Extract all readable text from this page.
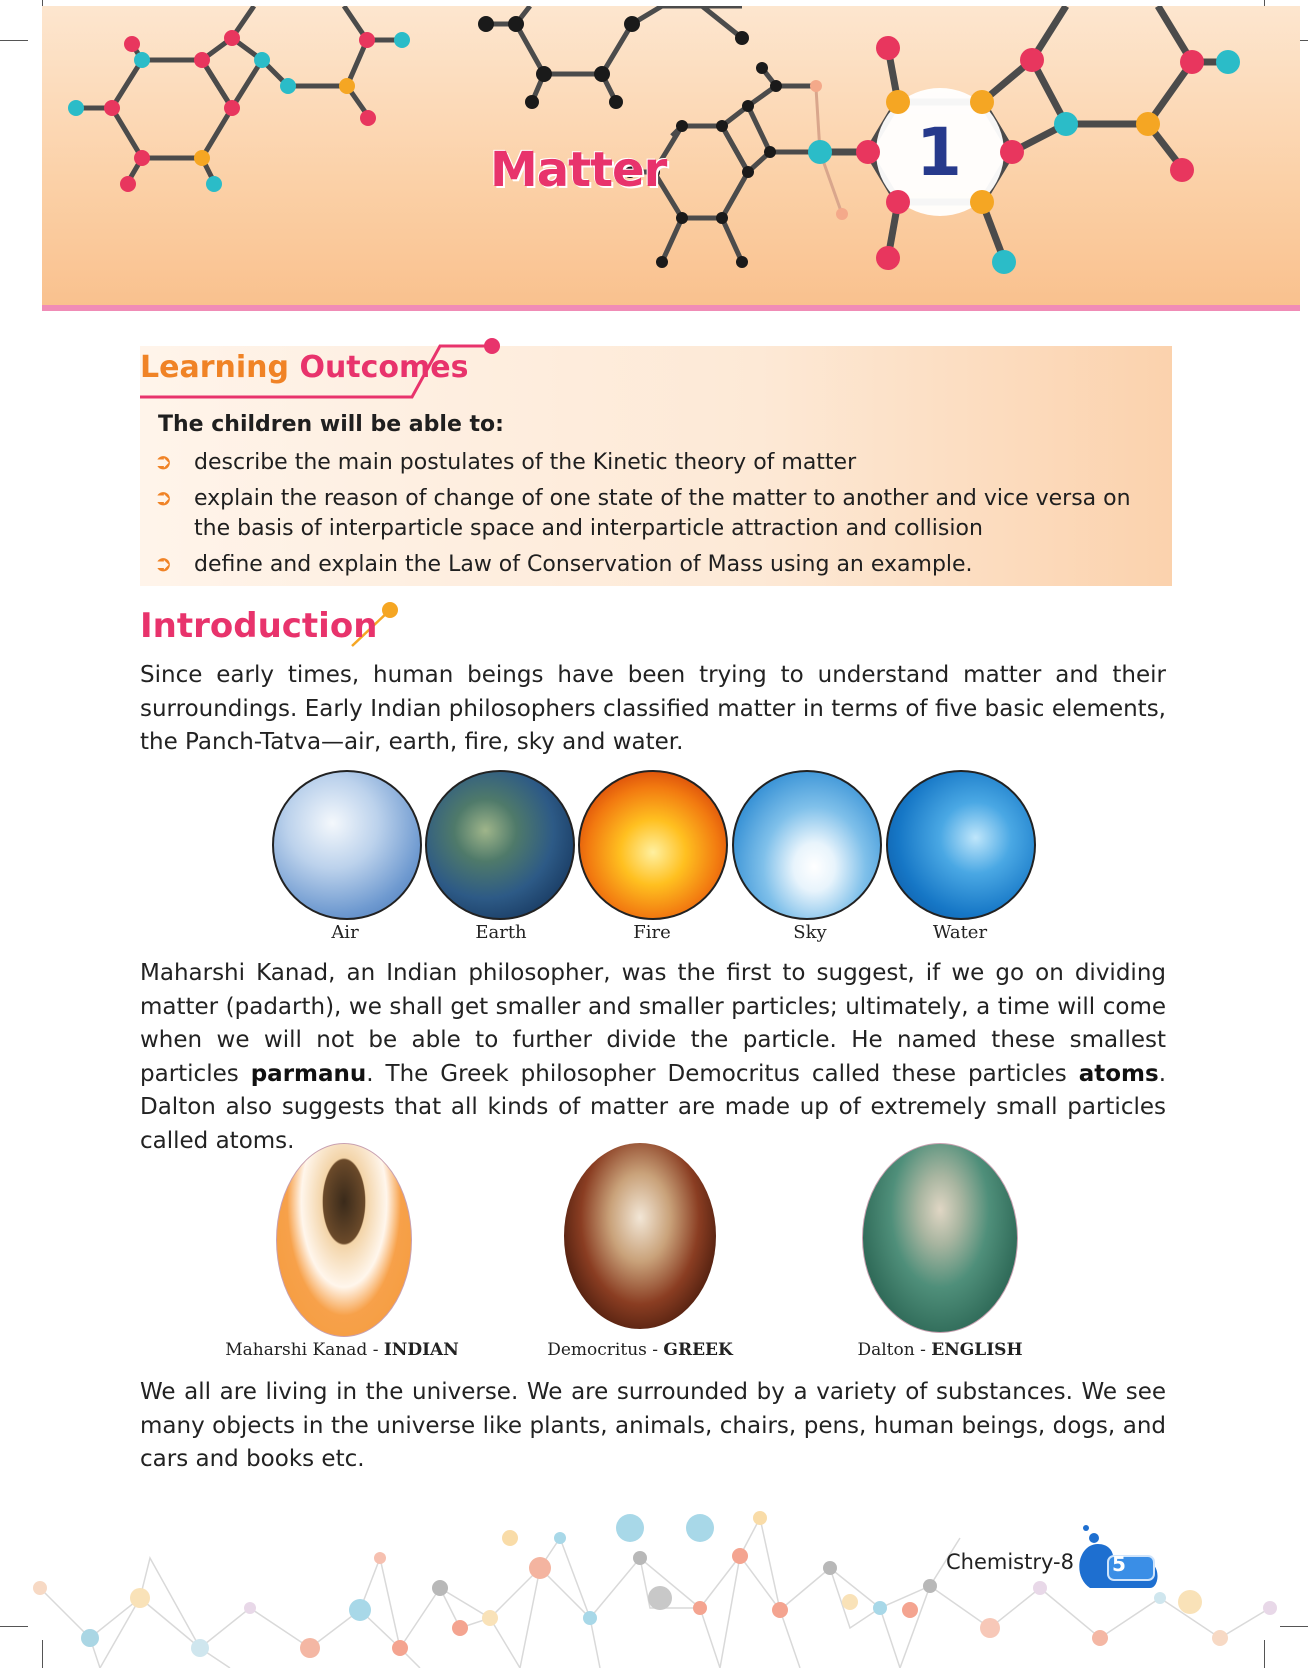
Matter	1
Learning Outcomes
The children will be able to:
➲ describe the main postulates of the Kinetic theory of matter
➲ explain the reason of change of one state of the matter to another and vice versa on the basis of interparticle space and interparticle attraction and collision
➲ define and explain the Law of Conservation of Mass using an example.
Introduction
Since early times, human beings have been trying to understand matter and their surroundings. Early Indian philosophers classified matter in terms of five basic elements, the Panch-Tatva—air, earth, fire, sky and water.
Air	Earth	Fire	Sky	Water
Maharshi Kanad, an Indian philosopher, was the first to suggest, if we go on dividing matter (padarth), we shall get smaller and smaller particles; ultimately, a time will come when we will not be able to further divide the particle. He named these smallest particles parmanu. The Greek philosopher Democritus called these particles atoms. Dalton also suggests that all kinds of matter are made up of extremely small particles called atoms.
Maharshi Kanad - INDIAN	Democritus - GREEK	Dalton - ENGLISH
We all are living in the universe. We are surrounded by a variety of substances. We see many objects in the universe like plants, animals, chairs, pens, human beings, dogs, and cars and books etc.
Chemistry-8 5
